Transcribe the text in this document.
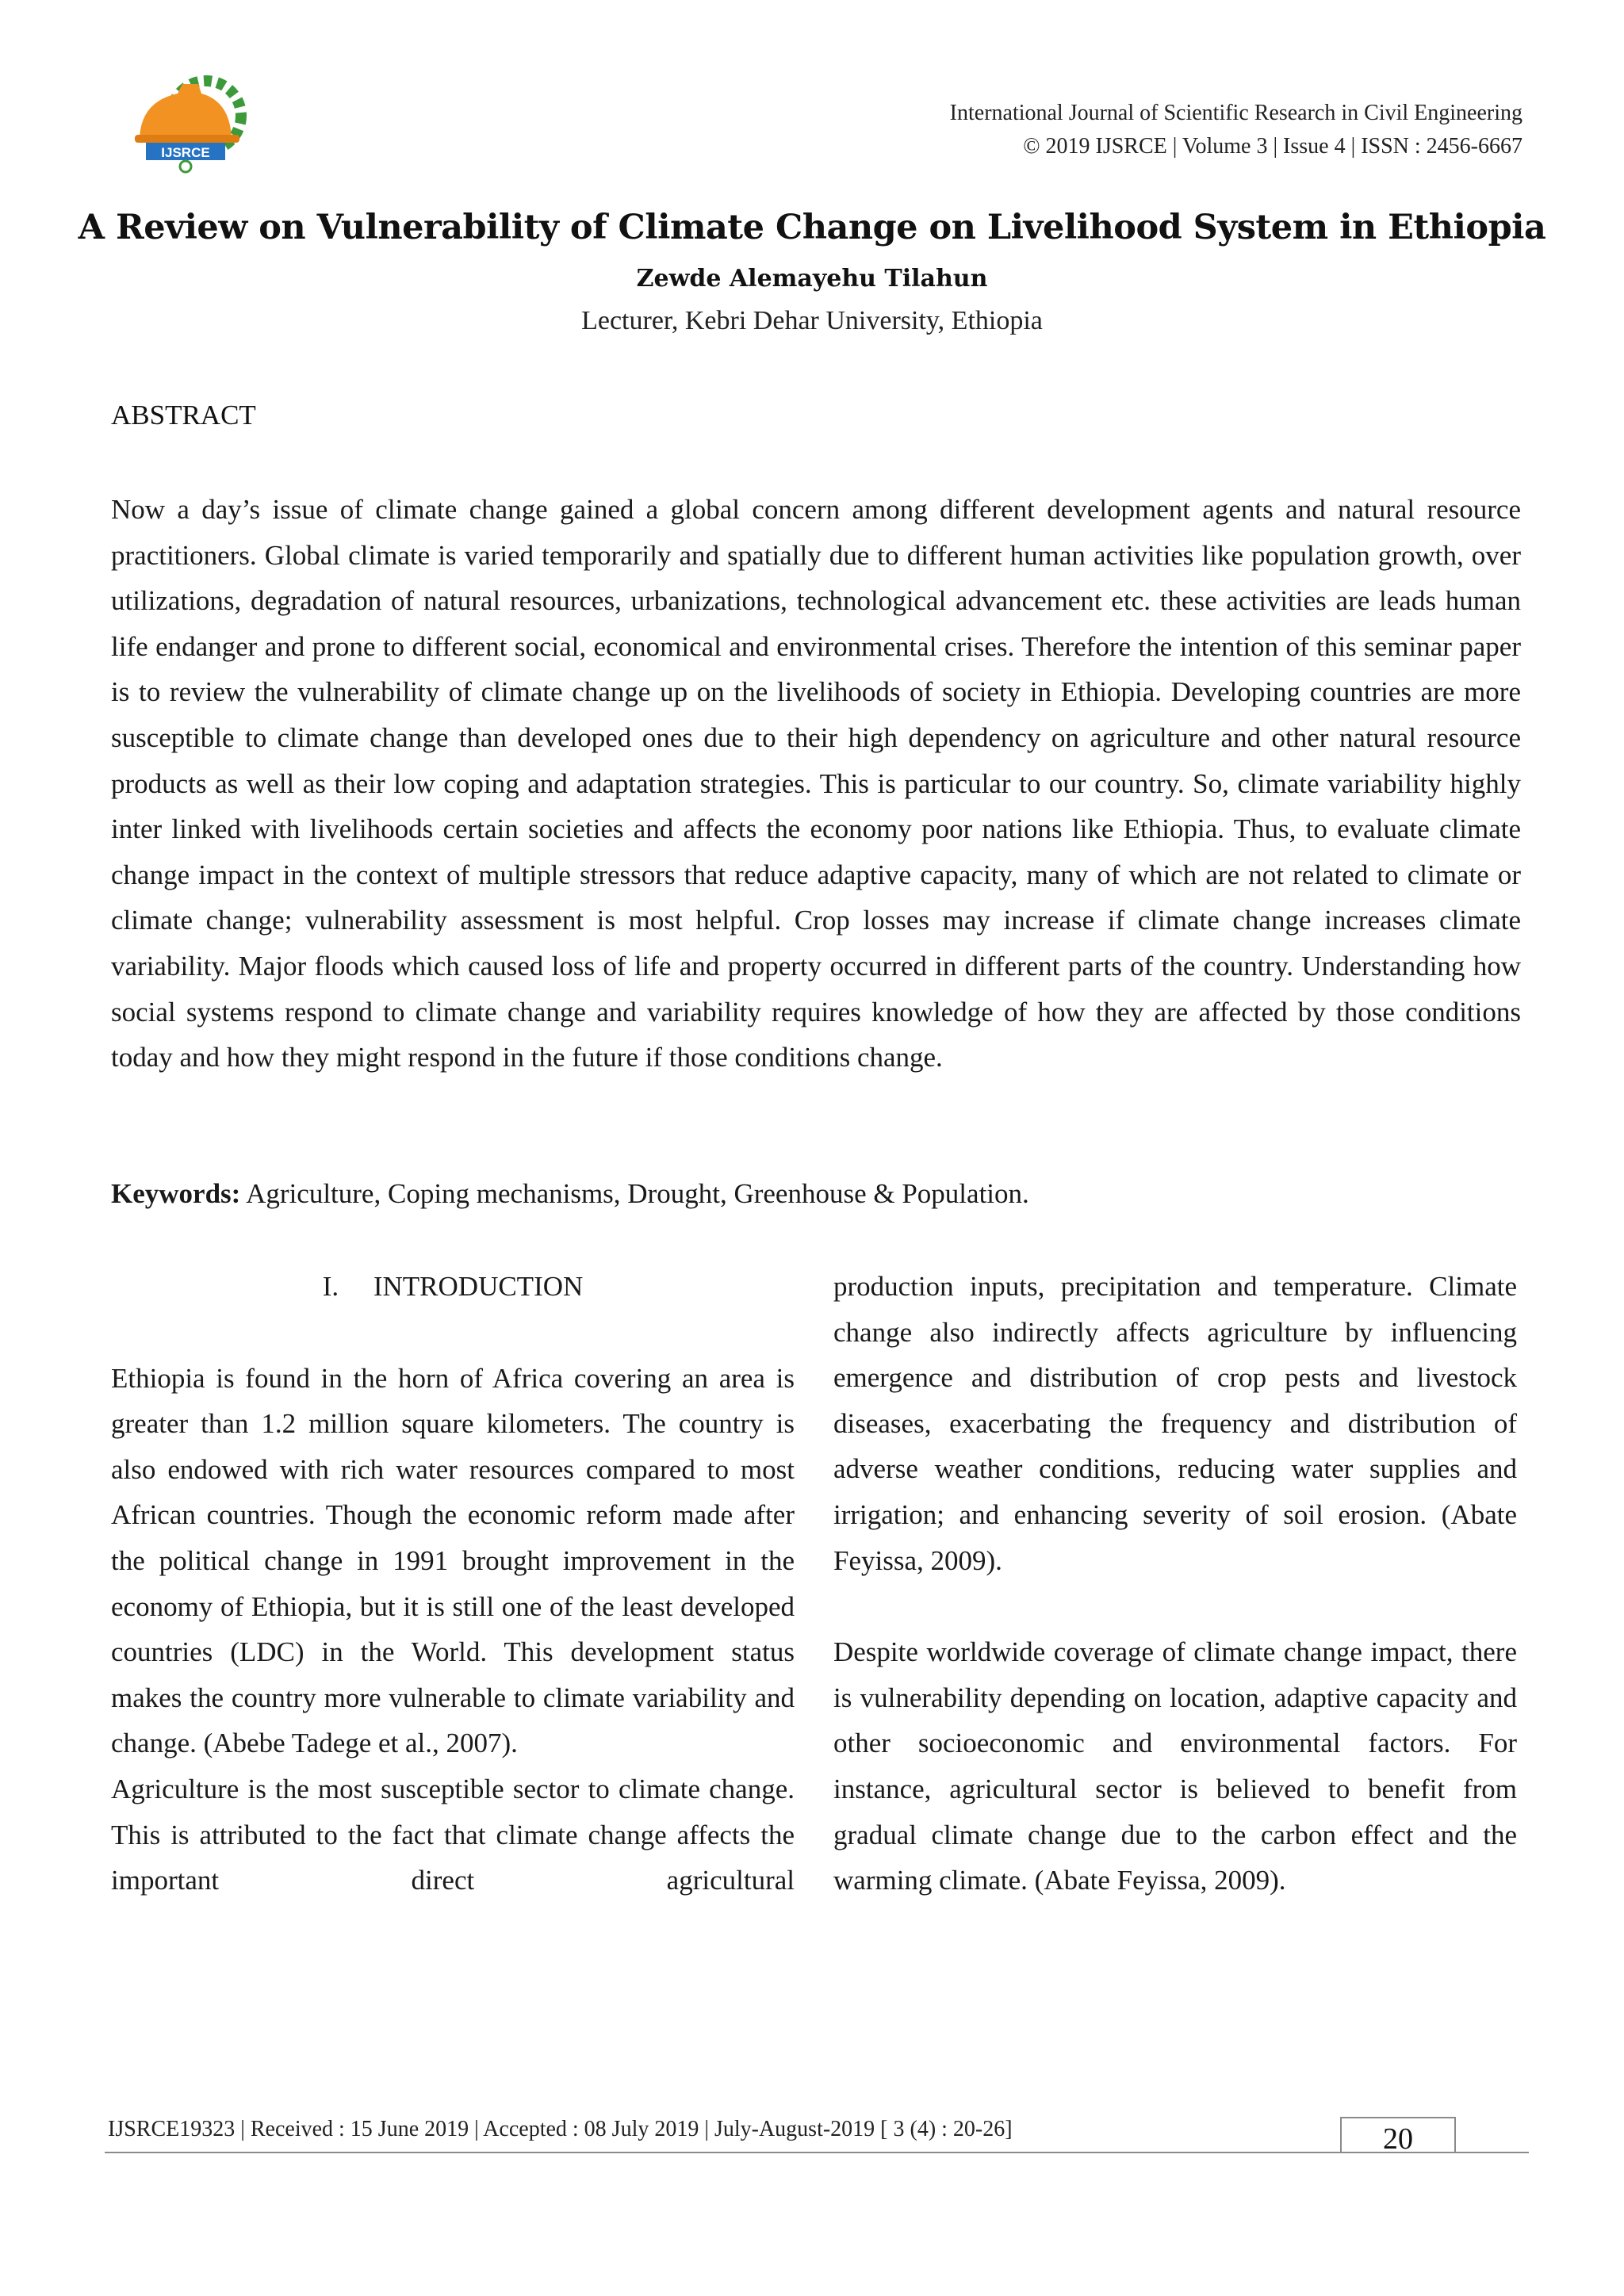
IJSRCE
International Journal of Scientific Research in Civil Engineering
© 2019 IJSRCE | Volume 3 | Issue 4 | ISSN : 2456-6667
A Review on Vulnerability of Climate Change on Livelihood System in Ethiopia
Zewde Alemayehu Tilahun
Lecturer, Kebri Dehar University, Ethiopia
ABSTRACT

Now a day’s issue of climate change gained a global concern among different development agents and natural resource practitioners. Global climate is varied temporarily and spatially due to different human activities like population growth, over utilizations, degradation of natural resources, urbanizations, technological advancement etc. these activities are leads human life endanger and prone to different social, economical and environmental crises. Therefore the intention of this seminar paper is to review the vulnerability of climate change up on the livelihoods of society in Ethiopia. Developing countries are more susceptible to climate change than developed ones due to their high dependency on agriculture and other natural resource products as well as their low coping and adaptation strategies. This is particular to our country. So, climate variability highly inter linked with livelihoods certain societies and affects the economy poor nations like Ethiopia. Thus, to evaluate climate change impact in the context of multiple stressors that reduce adaptive capacity, many of which are not related to climate or climate change; vulnerability assessment is most helpful. Crop losses may increase if climate change increases climate variability. Major floods which caused loss of life and property occurred in different parts of the country. Understanding how social systems respond to climate change and variability requires knowledge of how they are affected by those conditions today and how they might respond in the future if those conditions change.

Keywords: Agriculture, Coping mechanisms, Drought, Greenhouse & Population.

I.  INTRODUCTION

Ethiopia is found in the horn of Africa covering an area is greater than 1.2 million square kilometers. The country is also endowed with rich water resources compared to most African countries. Though the economic reform made after the political change in 1991 brought improvement in the economy of Ethiopia, but it is still one of the least developed countries (LDC) in the World. This development status makes the country more vulnerable to climate variability and change. (Abebe Tadege et al., 2007).

Agriculture is the most susceptible sector to climate change. This is attributed to the fact that climate change affects the important direct agricultural

production inputs, precipitation and temperature. Climate change also indirectly affects agriculture by influencing emergence and distribution of crop pests and livestock diseases, exacerbating the frequency and distribution of adverse weather conditions, reducing water supplies and irrigation; and enhancing severity of soil erosion. (Abate Feyissa, 2009).

Despite worldwide coverage of climate change impact, there is vulnerability depending on location, adaptive capacity and other socioeconomic and environmental factors. For instance, agricultural sector is believed to benefit from gradual climate change due to the carbon effect and the warming climate. (Abate Feyissa, 2009).

IJSRCE19323 | Received : 15 June 2019 | Accepted : 08 July 2019 | July-August-2019 [ 3 (4) : 20-26]	20
